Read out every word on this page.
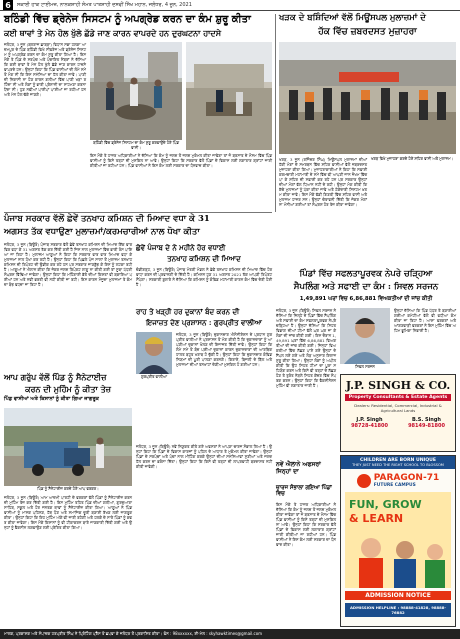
6	ਸਕਾਈ ਹਾਕ ਟਾਈਮਜ਼, ਨਾਨਕਸ਼ਾਹੀ ਸੰਮਤ ਪਾਤਸ਼ਾਹੀ ਦਸਵੀਂ ਸਿੱਖ ਮਹਾਨ, ਜਲੰਧਰ, 4 ਜੂਨ, 2021
ਬਠਿੰਡੀ ਵਿੱਚ ਡ੍ਰੇਨੇਜ ਸਿਸਟਮ ਨੂੰ ਅਪਗ੍ਰੇਡ ਕਰਨ ਦਾ ਕੰਮ ਸ਼ੁਰੂ ਕੀਤਾ
ਕਈ ਥਾਵਾਂ ਤੇ ਮੇਨ ਹੋਲ ਖੁੱਲੇ ਛੱਡੇ ਜਾਣ ਕਾਰਨ ਵਾਪਰਦੇ ਹਨ ਦੁਰਘਟਨਾ ਹਾਦਸੇ
ਜਲੰਧਰ, 3 ਜੂਨ (ਬਲਰਾਜ ਛਾਬੜਾ) ਵਿਧਾਨ ਸਭਾ ਹਲਕਾ ਆਦਮਪੁਰ ਦੇ ਪਿੰਡ ਬਠਿੰਡੀ ਵਿਖੇ ਸੀਵਰੇਜ ਅਤੇ ਡ੍ਰੇਨੇਜ ਸਿਸਟਮ ਨੂੰ ਅਪਗ੍ਰੇਡ ਕਰਨ ਦਾ ਕੰਮ ਸ਼ੁਰੂ ਕੀਤਾ ਗਿਆ ਹੈ। ਇਸ ਮੌਕੇ ਤੇ ਪਿੰਡ ਦੇ ਸਰਪੰਚ ਅਤੇ ਪੰਚਾਇਤ ਮੈਂਬਰਾਂ ਨੇ ਦੱਸਿਆ ਕਿ ਕਈ ਥਾਵਾਂ ਤੇ ਮੇਨ ਹੋਲ ਖੁੱਲੇ ਛੱਡੇ ਜਾਣ ਕਾਰਨ ਹਾਦਸੇ ਵਾਪਰਦੇ ਹਨ। ਉਨ੍ਹਾਂ ਕਿਹਾ ਕਿ ਪਿੰਡ ਵਾਸੀਆਂ ਦੀ ਲੰਮੇ ਸਮੇਂ ਤੋਂ ਮੰਗ ਸੀ ਕਿ ਇਸ ਸਮੱਸਿਆ ਦਾ ਹੱਲ ਕੀਤਾ ਜਾਵੇ। ਪਾਣੀ ਦੀ ਨਿਕਾਸੀ ਨਾ ਹੋਣ ਕਾਰਨ ਗਲੀਆਂ ਵਿੱਚ ਪਾਣੀ ਖੜਾ ਰਹਿੰਦਾ ਸੀ ਅਤੇ ਲੋਕਾਂ ਨੂੰ ਭਾਰੀ ਪ੍ਰੇਸ਼ਾਨੀ ਦਾ ਸਾਹਮਣਾ ਕਰਨਾ ਪੈਂਦਾ ਸੀ। ਹੁਣ ਨਵੀਆਂ ਪਾਈਪਾਂ ਪਾਈਆਂ ਜਾ ਰਹੀਆਂ ਹਨ ਅਤੇ ਮੇਨ ਹੋਲ ਢੱਕੇ ਜਾਣਗੇ।
ਬਠਿੰਡੀ ਵਿੱਚ ਡ੍ਰੇਨੇਜ ਸਿਸਟਮ ਦਾ ਕੰਮ ਸ਼ੁਰੂ ਕਰਵਾਉਂਦੇ ਹੋਏ ਪਿੰਡ ਵਾਸੀ।
ਇਸ ਮੌਕੇ ਤੇ ਹਾਜ਼ਰ ਅਧਿਕਾਰੀਆਂ ਨੇ ਦੱਸਿਆ ਕਿ ਕੰਮ ਨੂੰ ਜਲਦ ਤੋਂ ਜਲਦ ਮੁਕੰਮਲ ਕੀਤਾ ਜਾਵੇਗਾ ਤਾਂ ਜੋ ਬਰਸਾਤ ਦੇ ਮੌਸਮ ਵਿੱਚ ਪਿੰਡ ਵਾਸੀਆਂ ਨੂੰ ਕਿਸੇ ਤਰ੍ਹਾਂ ਦੀ ਮੁਸ਼ਕਿਲ ਨਾ ਆਵੇ। ਉਨ੍ਹਾਂ ਕਿਹਾ ਕਿ ਸਰਕਾਰ ਵੱਲੋਂ ਪਿੰਡਾਂ ਦੇ ਵਿਕਾਸ ਲਈ ਲਗਾਤਾਰ ਗ੍ਰਾਂਟਾਂ ਜਾਰੀ ਕੀਤੀਆਂ ਜਾ ਰਹੀਆਂ ਹਨ। ਪਿੰਡ ਵਾਸੀਆਂ ਨੇ ਇਸ ਕੰਮ ਲਈ ਸਰਕਾਰ ਦਾ ਧੰਨਵਾਦ ਕੀਤਾ।
ਖੜਕ ਦੇ ਬਸ਼ਿੰਦਿਆਂ ਵੱਲੋਂ ਮਿਊਂਸਪਲ ਮੁਲਾਜ਼ਮਾਂ ਦੇ
ਹੱਕ ਵਿੱਚ ਜ਼ਬਰਦਸਤ ਮੁਜ਼ਾਹਰਾ
ਖਰੜ, 3 ਜੂਨ (ਰਜਿੰਦਰ ਸਿੰਘ) ਮਿਊਂਸਪਲ ਮੁਲਾਜ਼ਮਾਂ ਦੀਆਂ ਹੱਕੀ ਮੰਗਾਂ ਦੇ ਸਮਰਥਨ ਵਿੱਚ ਸ਼ਹਿਰ ਵਾਸੀਆਂ ਵੱਲੋਂ ਜ਼ਬਰਦਸਤ ਮੁਜ਼ਾਹਰਾ ਕੀਤਾ ਗਿਆ। ਮੁਜ਼ਾਹਰਾਕਾਰੀਆਂ ਨੇ ਕਿਹਾ ਕਿ ਸਫ਼ਾਈ ਕਰਮਚਾਰੀ ਮਹਾਂਮਾਰੀ ਦੇ ਸਮੇਂ ਵਿੱਚ ਵੀ ਆਪਣੀ ਜਾਨ ਜ਼ੋਖਮ ਵਿੱਚ ਪਾ ਕੇ ਸ਼ਹਿਰ ਦੀ ਸਫ਼ਾਈ ਕਰ ਰਹੇ ਹਨ ਪਰ ਸਰਕਾਰ ਉਨ੍ਹਾਂ ਦੀਆਂ ਮੰਗਾਂ ਵੱਲ ਧਿਆਨ ਨਹੀਂ ਦੇ ਰਹੀ। ਉਨ੍ਹਾਂ ਮੰਗ ਕੀਤੀ ਕਿ ਕੱਚੇ ਮੁਲਾਜ਼ਮਾਂ ਨੂੰ ਪੱਕਾ ਕੀਤਾ ਜਾਵੇ ਅਤੇ ਠੇਕੇਦਾਰੀ ਸਿਸਟਮ ਖ਼ਤਮ ਕੀਤਾ ਜਾਵੇ। ਇਸ ਮੌਕੇ ਵੱਡੀ ਗਿਣਤੀ ਵਿੱਚ ਸ਼ਹਿਰ ਵਾਸੀ ਅਤੇ ਮੁਲਾਜ਼ਮ ਹਾਜ਼ਰ ਸਨ। ਉਨ੍ਹਾਂ ਚੇਤਾਵਨੀ ਦਿੱਤੀ ਕਿ ਜੇਕਰ ਮੰਗਾਂ ਨਾ ਮੰਨੀਆਂ ਗਈਆਂ ਤਾਂ ਸੰਘਰਸ਼ ਹੋਰ ਤੇਜ਼ ਕੀਤਾ ਜਾਵੇਗਾ।
ਖਰੜ ਵਿਖੇ ਮੁਜ਼ਾਹਰਾ ਕਰਦੇ ਹੋਏ ਸ਼ਹਿਰ ਵਾਸੀ ਅਤੇ ਮੁਲਾਜ਼ਮ।
ਪੰਜਾਬ ਸਰਕਾਰ ਵੱਲੋਂ ਛੇਵੇਂ ਤਨਖਾਹ ਕਮਿਸ਼ਨ ਦੀ ਮਿਆਦ ਵਧਾ ਕੇ 31
ਅਗਸਤ ਤੱਕ ਵਧਾਉਣਾ ਮੁਲਾਜ਼ਮਾਂ/ਕਰਮਚਾਰੀਆਂ ਨਾਲ ਧੋਖਾ ਕੀਤਾ
ਜਲੰਧਰ, 3 ਜੂਨ (ਬਿਊਰੋ) ਪੰਜਾਬ ਸਰਕਾਰ ਵੱਲੋਂ ਛੇਵੇਂ ਤਨਖਾਹ ਕਮਿਸ਼ਨ ਦੀ ਮਿਆਦ ਇੱਕ ਵਾਰ ਫਿਰ ਵਧਾ ਕੇ 31 ਅਗਸਤ ਤੱਕ ਕਰ ਦਿੱਤੀ ਗਈ ਹੈ ਜਿਸ ਨਾਲ ਮੁਲਾਜ਼ਮਾਂ ਵਿੱਚ ਭਾਰੀ ਰੋਸ ਪਾਇਆ ਜਾ ਰਿਹਾ ਹੈ। ਮੁਲਾਜ਼ਮ ਆਗੂਆਂ ਨੇ ਕਿਹਾ ਕਿ ਸਰਕਾਰ ਵਾਰ ਵਾਰ ਮਿਆਦ ਵਧਾ ਕੇ ਮੁਲਾਜ਼ਮਾਂ ਨਾਲ ਧੋਖਾ ਕਰ ਰਹੀ ਹੈ। ਉਨ੍ਹਾਂ ਕਿਹਾ ਕਿ ਪਿਛਲੇ ਪੰਜ ਸਾਲਾਂ ਤੋਂ ਮੁਲਾਜ਼ਮ ਤਨਖਾਹ ਕਮਿਸ਼ਨ ਦੀ ਰਿਪੋਰਟ ਦੀ ਉਡੀਕ ਕਰ ਰਹੇ ਹਨ ਪਰ ਸਰਕਾਰ ਜਾਣਬੁੱਝ ਕੇ ਇਸ ਨੂੰ ਲਟਕਾ ਰਹੀ ਹੈ। ਆਗੂਆਂ ਨੇ ਐਲਾਨ ਕੀਤਾ ਕਿ ਜੇਕਰ ਜਲਦ ਰਿਪੋਰਟ ਲਾਗੂ ਨਾ ਕੀਤੀ ਗਈ ਤਾਂ ਸੂਬਾ ਪੱਧਰੀ ਸੰਘਰਸ਼ ਵਿੱਢਿਆ ਜਾਵੇਗਾ। ਉਨ੍ਹਾਂ ਕਿਹਾ ਕਿ ਮਹਿੰਗਾਈ ਭੱਤੇ ਦੀਆਂ ਕਿਸ਼ਤਾਂ ਵੀ ਬਕਾਇਆ ਪਈਆਂ ਹਨ ਅਤੇ ਨਵੀਂ ਭਰਤੀ ਵੀ ਨਹੀਂ ਕੀਤੀ ਜਾ ਰਹੀ। ਇਸ ਕਾਰਨ ਮੌਜੂਦਾ ਮੁਲਾਜ਼ਮਾਂ ਤੇ ਕੰਮ ਦਾ ਬੋਝ ਵਧਦਾ ਜਾ ਰਿਹਾ ਹੈ।
ਛੇਵੇਂ ਪੰਜਾਬ ਦੇ ਨੇ ਮਹੀਨੇ ਹੋਰ ਵਧਾਈ
ਤਨਖਾਹ ਕਮਿਸ਼ਨ ਦੀ ਮਿਆਦ
ਚੰਡੀਗੜ੍ਹ, 3 ਜੂਨ (ਬਿਊਰੋ) ਪੰਜਾਬ ਮੰਤਰੀ ਮੰਡਲ ਨੇ ਛੇਵੇਂ ਤਨਖਾਹ ਕਮਿਸ਼ਨ ਦੀ ਮਿਆਦ ਵਿੱਚ ਹੋਰ ਵਾਧਾ ਕਰਨ ਦੀ ਪ੍ਰਵਾਨਗੀ ਦੇ ਦਿੱਤੀ ਹੈ। ਕਮਿਸ਼ਨ ਹੁਣ 31 ਅਗਸਤ 2021 ਤੱਕ ਆਪਣੀ ਰਿਪੋਰਟ ਸੌਂਪੇਗਾ। ਸਰਕਾਰੀ ਬੁਲਾਰੇ ਨੇ ਦੱਸਿਆ ਕਿ ਕਮਿਸ਼ਨ ਨੂੰ ਕੋਵਿਡ ਮਹਾਂਮਾਰੀ ਕਾਰਨ ਕੰਮ ਵਿੱਚ ਦੇਰੀ ਹੋਈ ਹੈ।
ਰਾਹ ਤੇ ਖੜ੍ਹੀ ਹਰ ਦੁਕਾਨਾਂ ਬੰਦ ਕਰਨ ਦੀ
ਇਜਾਜ਼ਤ ਦੇਣ ਪ੍ਰਸ਼ਾਸਨ : ਗੁਰਪ੍ਰੀਤ ਵਾਲੀਆ
ਗੁਰਪ੍ਰੀਤ ਵਾਲੀਆ
ਜਲੰਧਰ, 3 ਜੂਨ (ਬਿਊਰੋ) ਦੁਕਾਨਦਾਰ ਐਸੋਸੀਏਸ਼ਨ ਦੇ ਪ੍ਰਧਾਨ ਗੁਰਪ੍ਰੀਤ ਵਾਲੀਆ ਨੇ ਪ੍ਰਸ਼ਾਸਨ ਤੋਂ ਮੰਗ ਕੀਤੀ ਹੈ ਕਿ ਦੁਕਾਨਦਾਰਾਂ ਨੂੰ ਆਪਣੀਆਂ ਦੁਕਾਨਾਂ ਖੋਲਣ ਦੀ ਇਜਾਜ਼ਤ ਦਿੱਤੀ ਜਾਵੇ। ਉਨ੍ਹਾਂ ਕਿਹਾ ਕਿ ਲੰਮੇ ਸਮੇਂ ਤੋਂ ਬੰਦ ਪਈਆਂ ਦੁਕਾਨਾਂ ਕਾਰਨ ਦੁਕਾਨਦਾਰਾਂ ਦੀ ਆਰਥਿਕ ਹਾਲਤ ਬਹੁਤ ਖਰਾਬ ਹੋ ਚੁੱਕੀ ਹੈ। ਉਨ੍ਹਾਂ ਕਿਹਾ ਕਿ ਦੁਕਾਨਦਾਰ ਕੋਵਿਡ ਨਿਯਮਾਂ ਦੀ ਪੂਰੀ ਪਾਲਣਾ ਕਰਨਗੇ। ਕਿਰਾਏ, ਬਿਜਲੀ ਦੇ ਬਿੱਲ ਅਤੇ ਮੁਲਾਜ਼ਮਾਂ ਦੀਆਂ ਤਨਖਾਹਾਂ ਦੇਣੀਆਂ ਮੁਸ਼ਕਿਲ ਹੋ ਗਈਆਂ ਹਨ।
ਆਪ ਗਰੁੱਪ ਵੱਲੋਂ ਪਿੰਡ ਨੂੰ ਸੈਨੇਟਾਈਜ਼
ਕਰਨ ਦੀ ਮੁਹਿੰਮ ਨੂੰ ਕੀਤਾ ਤੇਜ਼
ਪਿੰਡ ਵਾਸੀਆਂ ਅਤੇ ਕਿਸਾਨਾਂ ਨੂੰ ਕੀਤਾ ਗਿਆ ਜਾਗਰੂਕ
ਪਿੰਡ ਨੂੰ ਸੈਨੇਟਾਈਜ਼ ਕਰਦੇ ਹੋਏ ਆਪ ਵਰਕਰ।
ਜਲੰਧਰ, 3 ਜੂਨ (ਬਿਊਰੋ) ਆਮ ਆਦਮੀ ਪਾਰਟੀ ਦੇ ਵਰਕਰਾਂ ਵੱਲੋਂ ਪਿੰਡਾਂ ਨੂੰ ਸੈਨੇਟਾਈਜ਼ ਕਰਨ ਦੀ ਮੁਹਿੰਮ ਤੇਜ਼ ਕਰ ਦਿੱਤੀ ਗਈ ਹੈ। ਇਸ ਮੁਹਿੰਮ ਤਹਿਤ ਪਿੰਡ ਦੀਆਂ ਗਲੀਆਂ, ਗੁਰਦੁਆਰਾ ਸਾਹਿਬ, ਸਕੂਲ ਅਤੇ ਹੋਰ ਜਨਤਕ ਥਾਵਾਂ ਨੂੰ ਸੈਨੇਟਾਈਜ਼ ਕੀਤਾ ਗਿਆ। ਆਗੂਆਂ ਨੇ ਪਿੰਡ ਵਾਸੀਆਂ ਨੂੰ ਮਾਸਕ ਪਹਿਨਣ, ਹੱਥ ਧੋਣ ਅਤੇ ਸਮਾਜਿਕ ਦੂਰੀ ਬਣਾਈ ਰੱਖਣ ਲਈ ਜਾਗਰੂਕ ਕੀਤਾ। ਉਨ੍ਹਾਂ ਕਿਹਾ ਕਿ ਇਹ ਮੁਹਿੰਮ ਅੱਗੇ ਵੀ ਜਾਰੀ ਰਹੇਗੀ ਅਤੇ ਹਲਕੇ ਦੇ ਸਾਰੇ ਪਿੰਡਾਂ ਨੂੰ ਕਵਰ ਕੀਤਾ ਜਾਵੇਗਾ। ਇਸ ਮੌਕੇ ਕਿਸਾਨਾਂ ਨੂੰ ਵੀ ਟੀਕਾਕਰਨ ਬਾਰੇ ਜਾਣਕਾਰੀ ਦਿੱਤੀ ਗਈ ਅਤੇ ਉਨ੍ਹਾਂ ਨੂੰ ਵੈਕਸੀਨ ਲਗਵਾਉਣ ਲਈ ਪ੍ਰੇਰਿਤ ਕੀਤਾ ਗਿਆ।
ਜਲੰਧਰ, 3 ਜੂਨ (ਬਿਊਰੋ) ਨਵੇਂ ਨਿਯੁਕਤ ਕੀਤੇ ਗਏ ਅਫਸਰਾਂ ਨੇ ਆਪਣਾ ਚਾਰਜ ਸੰਭਾਲ ਲਿਆ ਹੈ। ਉਨ੍ਹਾਂ ਕਿਹਾ ਕਿ ਪਿੰਡਾਂ ਦੇ ਵਿਕਾਸ ਕਾਰਜਾਂ ਨੂੰ ਪਹਿਲ ਦੇ ਆਧਾਰ ਤੇ ਮੁਕੰਮਲ ਕੀਤਾ ਜਾਵੇਗਾ। ਉਨ੍ਹਾਂ ਪਿੰਡਾਂ ਦੇ ਸਰਪੰਚਾਂ ਅਤੇ ਪੰਚਾਂ ਨਾਲ ਮੀਟਿੰਗ ਕਰਕੇ ਉਨ੍ਹਾਂ ਦੀਆਂ ਸਮੱਸਿਆਵਾਂ ਸੁਣੀਆਂ ਅਤੇ ਜਲਦ ਹੱਲ ਕਰਨ ਦਾ ਭਰੋਸਾ ਦਿੱਤਾ। ਉਨ੍ਹਾਂ ਕਿਹਾ ਕਿ ਕਿਸੇ ਵੀ ਤਰ੍ਹਾਂ ਦੀ ਲਾਪਰਵਾਹੀ ਬਰਦਾਸ਼ਤ ਨਹੀਂ ਕੀਤੀ ਜਾਵੇਗੀ।
ਪਿੰਡਾਂ ਵਿੱਚ ਸਫਲਤਾਪੂਰਵਕ ਨੇਪਰੇ ਚੜ੍ਹਿਆ
ਸੈਪਲਿੰਗ ਅਤੇ ਸਫਾਈ ਦਾ ਕੰਮ : ਸਿਵਲ ਸਰਜਨ
1,49,891 ਘਰਾਂ ਵਿਚ 6,86,881 ਵਿਅਕਤੀਆਂ ਦੀ ਜਾਂਚ ਕੀਤੀ
ਜਲੰਧਰ, 3 ਜੂਨ (ਬਿਊਰੋ) ਸਿਵਲ ਸਰਜਨ ਨੇ ਦੱਸਿਆ ਕਿ ਜ਼ਿਲ੍ਹੇ ਦੇ ਪਿੰਡਾਂ ਵਿੱਚ ਸੈਪਲਿੰਗ ਅਤੇ ਸਫਾਈ ਦਾ ਕੰਮ ਸਫਲਤਾਪੂਰਵਕ ਨੇਪਰੇ ਚੜ੍ਹਿਆ ਹੈ। ਉਨ੍ਹਾਂ ਦੱਸਿਆ ਕਿ ਸਿਹਤ ਵਿਭਾਗ ਦੀਆਂ ਟੀਮਾਂ ਵੱਲੋਂ ਘਰ ਘਰ ਜਾ ਕੇ ਲੋਕਾਂ ਦੀ ਜਾਂਚ ਕੀਤੀ ਗਈ। ਇਸ ਦੌਰਾਨ 1,49,891 ਘਰਾਂ ਵਿੱਚ 6,86,881 ਵਿਅਕਤੀਆਂ ਦੀ ਜਾਂਚ ਕੀਤੀ ਗਈ। ਜਿਨ੍ਹਾਂ ਵਿਅਕਤੀਆਂ ਵਿੱਚ ਲੱਛਣ ਪਾਏ ਗਏ ਉਨ੍ਹਾਂ ਦੇ ਸੈਂਪਲ ਲਏ ਗਏ ਅਤੇ ਲੋੜ ਅਨੁਸਾਰ ਇਲਾਜ ਸ਼ੁਰੂ ਕੀਤਾ ਗਿਆ। ਉਨ੍ਹਾਂ ਲੋਕਾਂ ਨੂੰ ਅਪੀਲ ਕੀਤੀ ਕਿ ਉਹ ਸਿਹਤ ਟੀਮਾਂ ਦਾ ਪੂਰਾ ਸਹਿਯੋਗ ਕਰਨ ਅਤੇ ਕਿਸੇ ਵੀ ਤਰ੍ਹਾਂ ਦੇ ਲੱਛਣ ਹੋਣ ਤੇ ਤੁਰੰਤ ਨੇੜਲੇ ਸਿਹਤ ਕੇਂਦਰ ਵਿੱਚ ਸੰਪਰਕ ਕਰਨ। ਉਨ੍ਹਾਂ ਕਿਹਾ ਕਿ ਵੈਕਸੀਨੇਸ਼ਨ ਮੁਹਿੰਮ ਵੀ ਲਗਾਤਾਰ ਜਾਰੀ ਹੈ।
ਸਿਵਲ ਸਰਜਨ
ਉਨ੍ਹਾਂ ਦੱਸਿਆ ਕਿ ਪਿੰਡ ਪੱਧਰ ਤੇ ਬਣਾਈਆਂ ਗਈਆਂ ਕਮੇਟੀਆਂ ਵੱਲੋਂ ਵੀ ਵਧੀਆ ਕੰਮ ਕੀਤਾ ਜਾ ਰਿਹਾ ਹੈ। ਆਸ਼ਾ ਵਰਕਰਾਂ ਅਤੇ ਆਂਗਣਵਾੜੀ ਵਰਕਰਾਂ ਨੇ ਇਸ ਮੁਹਿੰਮ ਵਿੱਚ ਅਹਿਮ ਭੂਮਿਕਾ ਨਿਭਾਈ ਹੈ।
J.P. SINGH & CO.
Property Consultants & Estate Agents
Dealers: Residential, Commercial, Industrial & Agricultural Lands
J.P. Singh
98728-41800
B.S. Singh
98149-81800
CHILDREN ARE BORN UNIQUE
THEY JUST NEED THE RIGHT SCHOOL TO BLOSSOM
PARAGON-71
FUTURE CAMPUS
FUN, GROW
& LEARN
ADMISSION NOTICE
ADMISSION HELPLINE : 98888-41828, 98888-76882
ਨਵੇਂ ਐਲਾਨੇ ਅਫਸਰਾਂ ਜਿਨ੍ਹਾਂ ਦਾ
ਚਾਰਜ ਸੰਭਾਲਾ ਗਇਆ ਪਿੰਡਾਂ ਵਿਚ
ਇਸ ਮੌਕੇ ਤੇ ਹਾਜ਼ਰ ਅਧਿਕਾਰੀਆਂ ਨੇ ਦੱਸਿਆ ਕਿ ਕੰਮ ਨੂੰ ਜਲਦ ਤੋਂ ਜਲਦ ਮੁਕੰਮਲ ਕੀਤਾ ਜਾਵੇਗਾ ਤਾਂ ਜੋ ਬਰਸਾਤ ਦੇ ਮੌਸਮ ਵਿੱਚ ਪਿੰਡ ਵਾਸੀਆਂ ਨੂੰ ਕਿਸੇ ਤਰ੍ਹਾਂ ਦੀ ਮੁਸ਼ਕਿਲ ਨਾ ਆਵੇ। ਉਨ੍ਹਾਂ ਕਿਹਾ ਕਿ ਸਰਕਾਰ ਵੱਲੋਂ ਪਿੰਡਾਂ ਦੇ ਵਿਕਾਸ ਲਈ ਲਗਾਤਾਰ ਗ੍ਰਾਂਟਾਂ ਜਾਰੀ ਕੀਤੀਆਂ ਜਾ ਰਹੀਆਂ ਹਨ। ਪਿੰਡ ਵਾਸੀਆਂ ਨੇ ਇਸ ਕੰਮ ਲਈ ਸਰਕਾਰ ਦਾ ਧੰਨਵਾਦ ਕੀਤਾ।
ਮਾਲਕ, ਪ੍ਰਕਾਸ਼ਕ ਅਤੇ ਸੰਪਾਦਕ ਹਰਪ੍ਰੀਤ ਸਿੰਘ ਨੇ ਪ੍ਰਿੰਟਿੰਗ ਪ੍ਰੈੱਸ ਤੋਂ ਛਪਵਾ ਕੇ ਜਲੰਧਰ ਤੋਂ ਪ੍ਰਕਾਸ਼ਿਤ ਕੀਤਾ। ਫੋਨ : 98xxxxxx, ਈ-ਮੇਲ : skyhawktimes@gmail.com
